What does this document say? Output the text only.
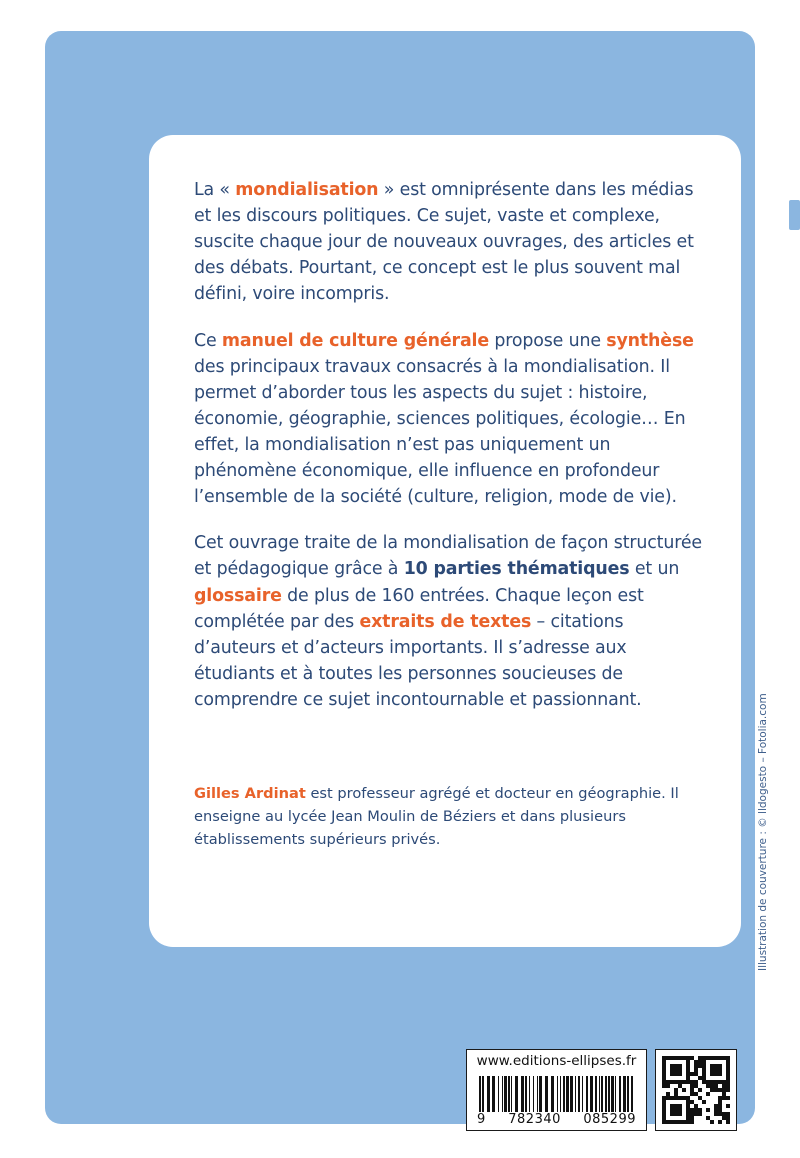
La « mondialisation » est omniprésente dans les médias et les discours politiques. Ce sujet, vaste et complexe, suscite chaque jour de nouveaux ouvrages, des articles et des débats. Pourtant, ce concept est le plus souvent mal défini, voire incompris.

Ce manuel de culture générale propose une synthèse des principaux travaux consacrés à la mondialisation. Il permet d’aborder tous les aspects du sujet : histoire, économie, géographie, sciences politiques, écologie… En effet, la mondialisation n’est pas uniquement un phénomène économique, elle influence en profondeur l’ensemble de la société (culture, religion, mode de vie).

Cet ouvrage traite de la mondialisation de façon structurée et pédagogique grâce à 10 parties thématiques et un glossaire de plus de 160 entrées. Chaque leçon est complétée par des extraits de textes – citations d’auteurs et d’acteurs importants. Il s’adresse aux étudiants et à toutes les personnes soucieuses de comprendre ce sujet incontournable et passionnant.

Gilles Ardinat est professeur agrégé et docteur en géographie. Il enseigne au lycée Jean Moulin de Béziers et dans plusieurs établissements supérieurs privés.	Illustration de couverture : © lldogesto – Fotolia.com
www.editions-ellipses.fr
9 782340 085299
